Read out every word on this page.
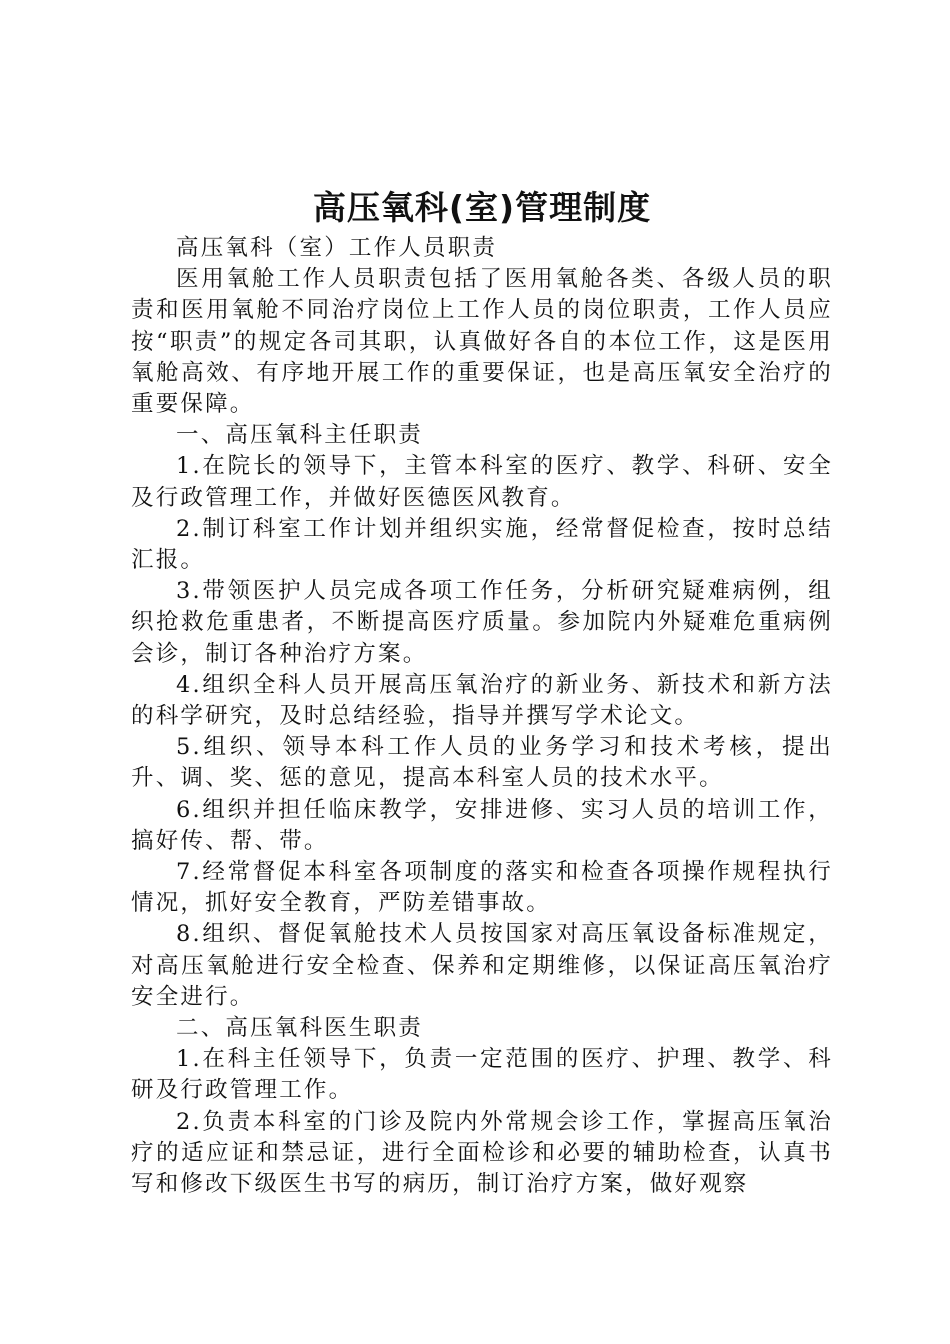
高压氧科(室)管理制度

高压氧科（室）工作人员职责

医用氧舱工作人员职责包括了医用氧舱各类、各级人员的职责和医用氧舱不同治疗岗位上工作人员的岗位职责，工作人员应按“职责”的规定各司其职，认真做好各自的本位工作，这是医用氧舱高效、有序地开展工作的重要保证，也是高压氧安全治疗的重要保障。

一、高压氧科主任职责

1.在院长的领导下，主管本科室的医疗、教学、科研、安全及行政管理工作，并做好医德医风教育。

2.制订科室工作计划并组织实施，经常督促检查，按时总结汇报。

3.带领医护人员完成各项工作任务，分析研究疑难病例，组织抢救危重患者，不断提高医疗质量。参加院内外疑难危重病例会诊，制订各种治疗方案。

4.组织全科人员开展高压氧治疗的新业务、新技术和新方法的科学研究，及时总结经验，指导并撰写学术论文。

5.组织、领导本科工作人员的业务学习和技术考核，提出升、调、奖、惩的意见，提高本科室人员的技术水平。

6.组织并担任临床教学，安排进修、实习人员的培训工作，搞好传、帮、带。

7.经常督促本科室各项制度的落实和检查各项操作规程执行情况，抓好安全教育，严防差错事故。

8.组织、督促氧舱技术人员按国家对高压氧设备标准规定，对高压氧舱进行安全检查、保养和定期维修，以保证高压氧治疗安全进行。

二、高压氧科医生职责

1.在科主任领导下，负责一定范围的医疗、护理、教学、科研及行政管理工作。

2.负责本科室的门诊及院内外常规会诊工作，掌握高压氧治疗的适应证和禁忌证，进行全面检诊和必要的辅助检查，认真书写和修改下级医生书写的病历，制订治疗方案，做好观察
